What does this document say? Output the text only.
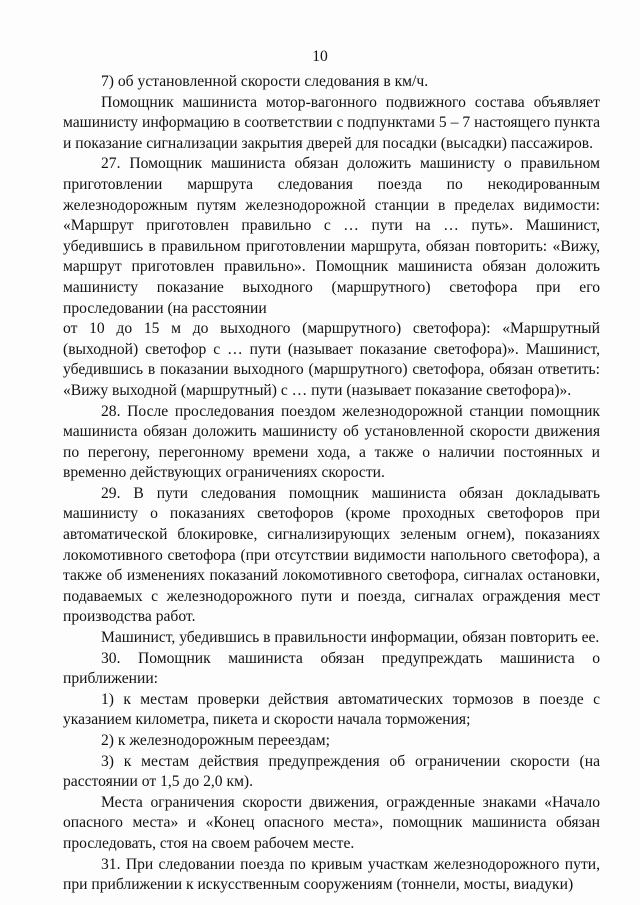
10

7) об установленной скорости следования в км/ч.

Помощник машиниста мотор-вагонного подвижного состава объявляет машинисту информацию в соответствии с подпунктами 5 – 7 настоящего пункта и показание сигнализации закрытия дверей для посадки (высадки) пассажиров.

27. Помощник машиниста обязан доложить машинисту о правильном приготовлении маршрута следования поезда по некодированным железнодорожным путям железнодорожной станции в пределах видимости: «Маршрут приготовлен правильно с … пути на … путь». Машинист, убедившись в правильном приготовлении маршрута, обязан повторить: «Вижу, маршрут приготовлен правильно». Помощник машиниста обязан доложить машинисту показание выходного (маршрутного) светофора при его проследовании (на расстоянии

от 10 до 15 м до выходного (маршрутного) светофора): «Маршрутный (выходной) светофор с … пути (называет показание светофора)». Машинист, убедившись в показании выходного (маршрутного) светофора, обязан ответить: «Вижу выходной (маршрутный) с … пути (называет показание светофора)».

28. После проследования поездом железнодорожной станции помощник машиниста обязан доложить машинисту об установленной скорости движения по перегону, перегонному времени хода, а также о наличии постоянных и временно действующих ограничениях скорости.

29. В пути следования помощник машиниста обязан докладывать машинисту о показаниях светофоров (кроме проходных светофоров при автоматической блокировке, сигнализирующих зеленым огнем), показаниях локомотивного светофора (при отсутствии видимости напольного светофора), а также об изменениях показаний локомотивного светофора, сигналах остановки, подаваемых с железнодорожного пути и поезда, сигналах ограждения мест производства работ.

Машинист, убедившись в правильности информации, обязан повторить ее.

30. Помощник машиниста обязан предупреждать машиниста о приближении:

1) к местам проверки действия автоматических тормозов в поезде с указанием километра, пикета и скорости начала торможения;

2) к железнодорожным переездам;

3) к местам действия предупреждения об ограничении скорости (на расстоянии от 1,5 до 2,0 км).

Места ограничения скорости движения, огражденные знаками «Начало опасного места» и «Конец опасного места», помощник машиниста обязан проследовать, стоя на своем рабочем месте.

31. При следовании поезда по кривым участкам железнодорожного пути, при приближении к искусственным сооружениям (тоннели, мосты, виадуки)
